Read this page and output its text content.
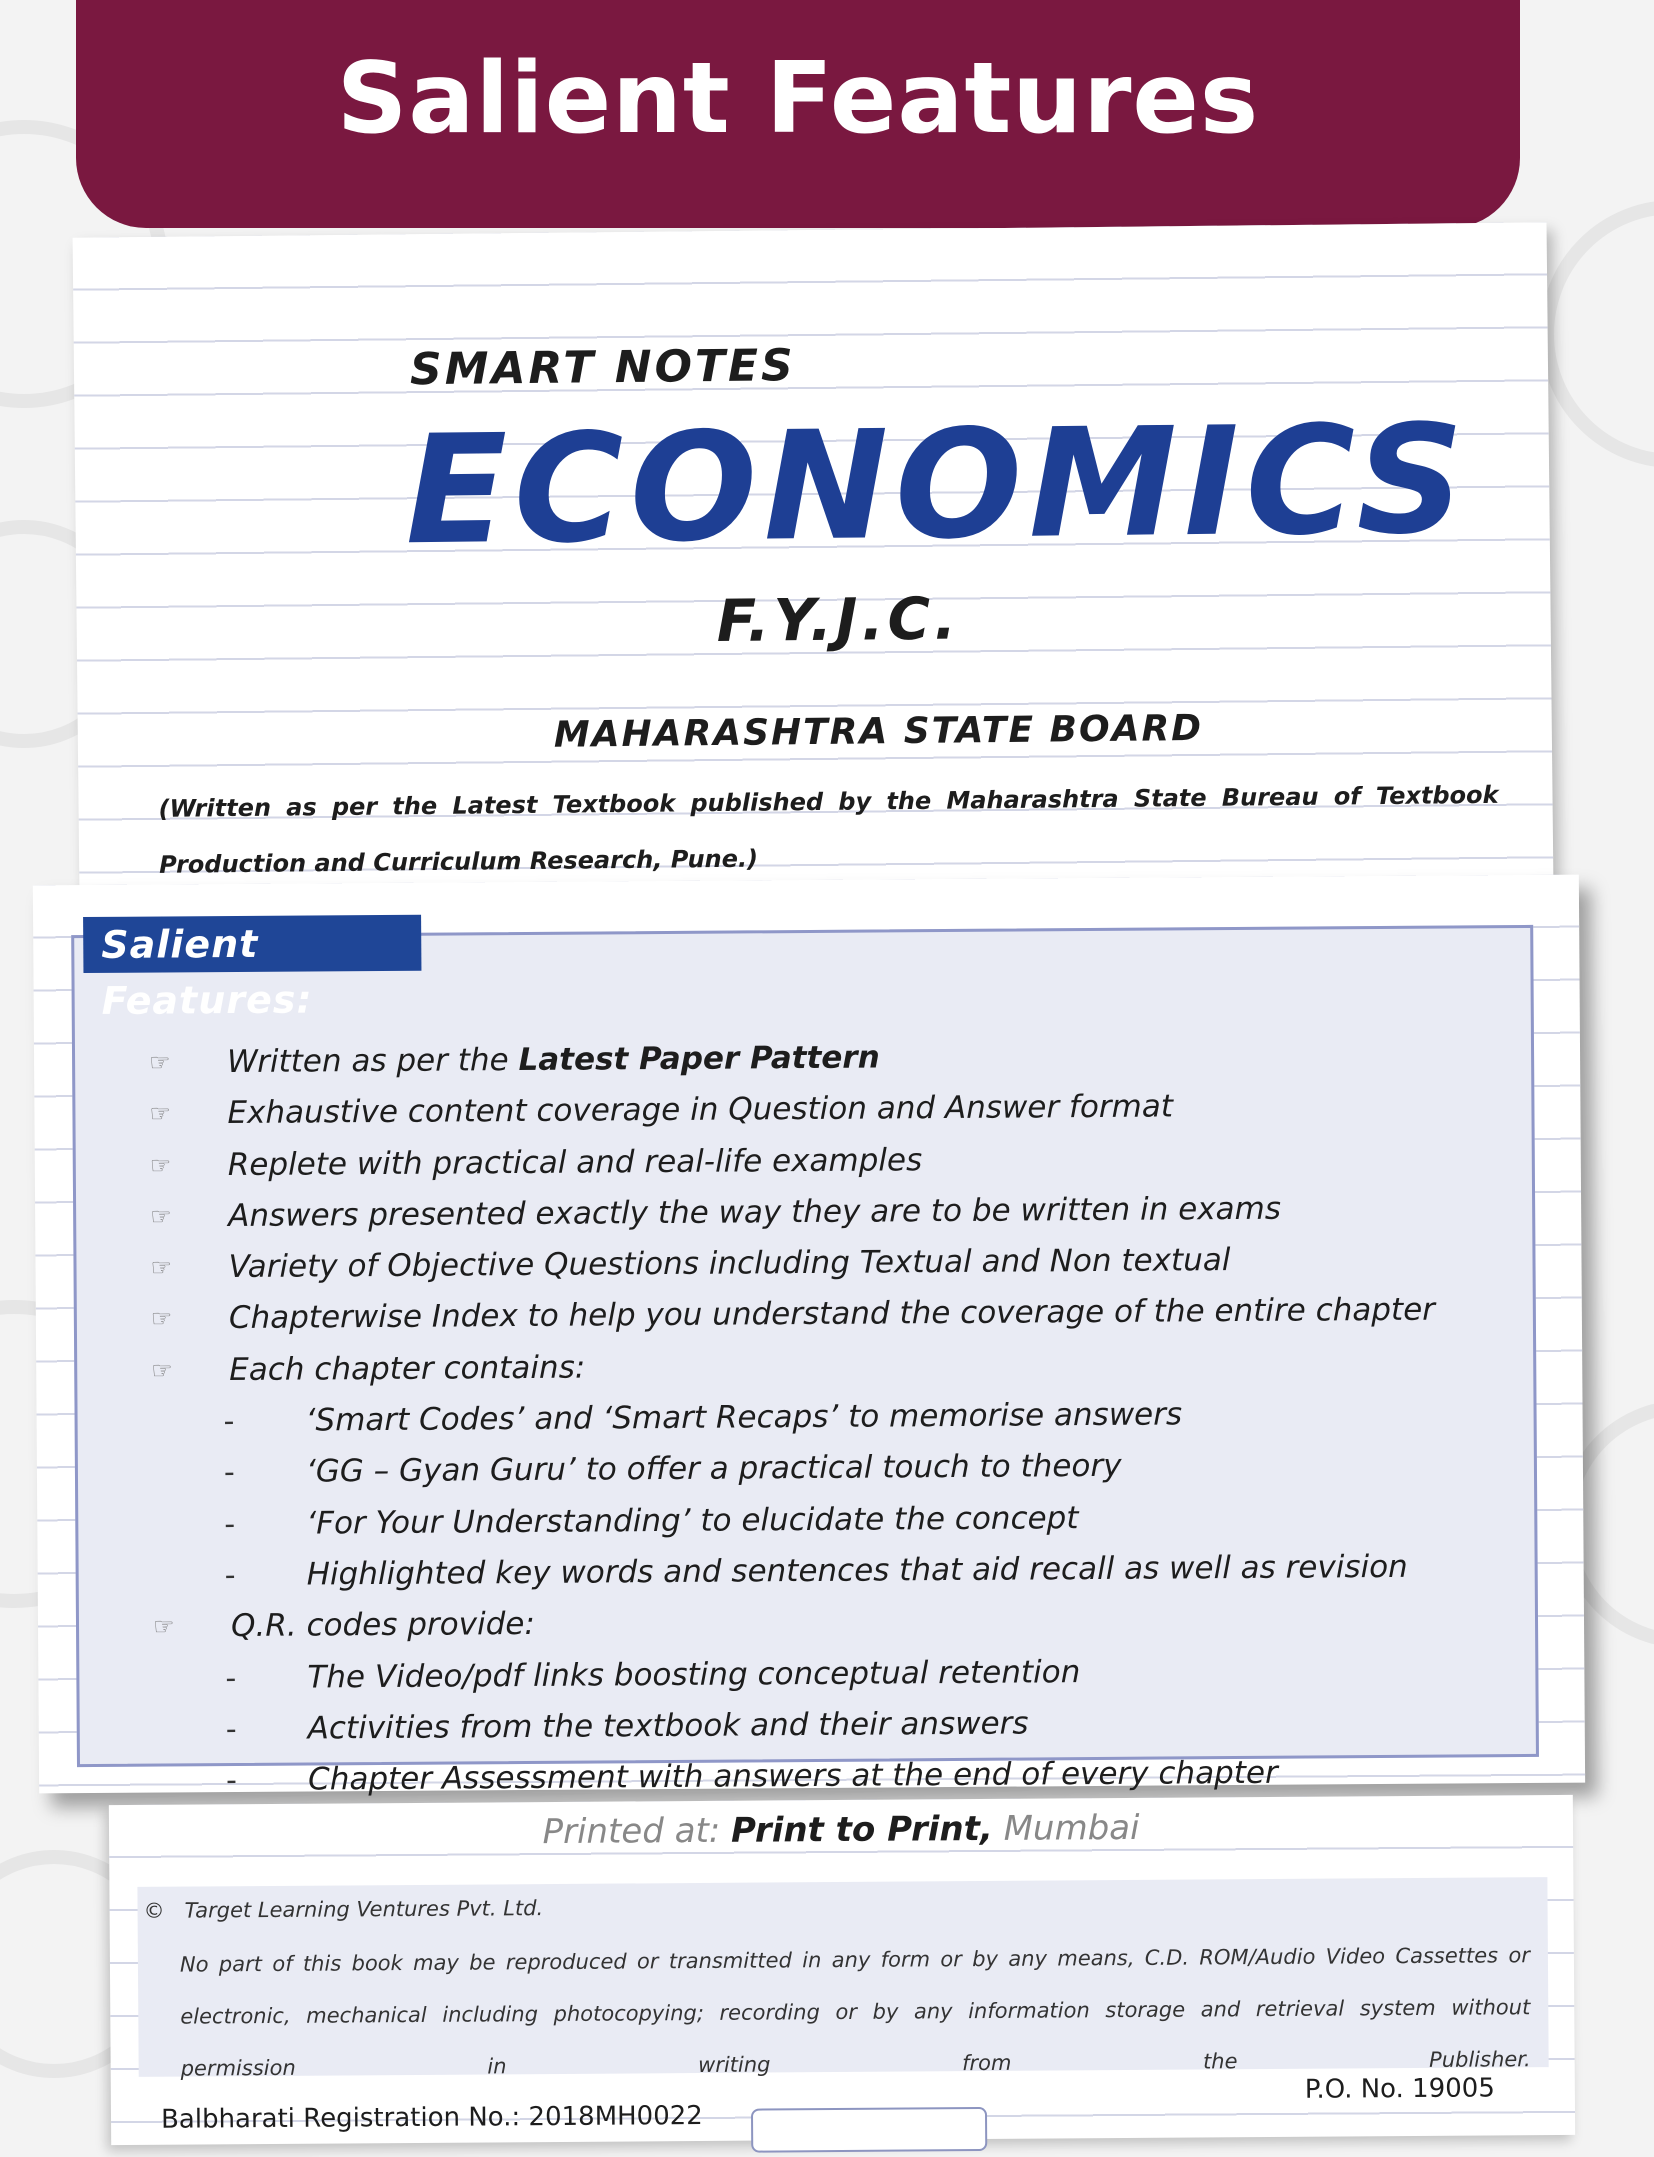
Salient Features
SMART NOTES
ECONOMICS
F.Y.J.C.
MAHARASHTRA STATE BOARD
(Written as per the Latest Textbook published by the Maharashtra State Bureau of Textbook Production and Curriculum Research, Pune.)
☞ Written as per the Latest Paper Pattern
☞ Exhaustive content coverage in Question and Answer format
☞ Replete with practical and real-life examples
☞ Answers presented exactly the way they are to be written in exams
☞ Variety of Objective Questions including Textual and Non textual
☞ Chapterwise Index to help you understand the coverage of the entire chapter
☞ Each chapter contains:
- ‘Smart Codes’ and ‘Smart Recaps’ to memorise answers
- ‘GG – Gyan Guru’ to offer a practical touch to theory
- ‘For Your Understanding’ to elucidate the concept
- Highlighted key words and sentences that aid recall as well as revision
☞ Q.R. codes provide:
- The Video/pdf links boosting conceptual retention
- Activities from the textbook and their answers
- Chapter Assessment with answers at the end of every chapter
Salient Features:
Printed at: Print to Print, Mumbai
© Target Learning Ventures Pvt. Ltd.
No part of this book may be reproduced or transmitted in any form or by any means, C.D. ROM/Audio Video Cassettes or electronic, mechanical including photocopying; recording or by any information storage and retrieval system without permission in writing from the Publisher.
P.O. No. 19005
Balbharati Registration No.: 2018MH0022
